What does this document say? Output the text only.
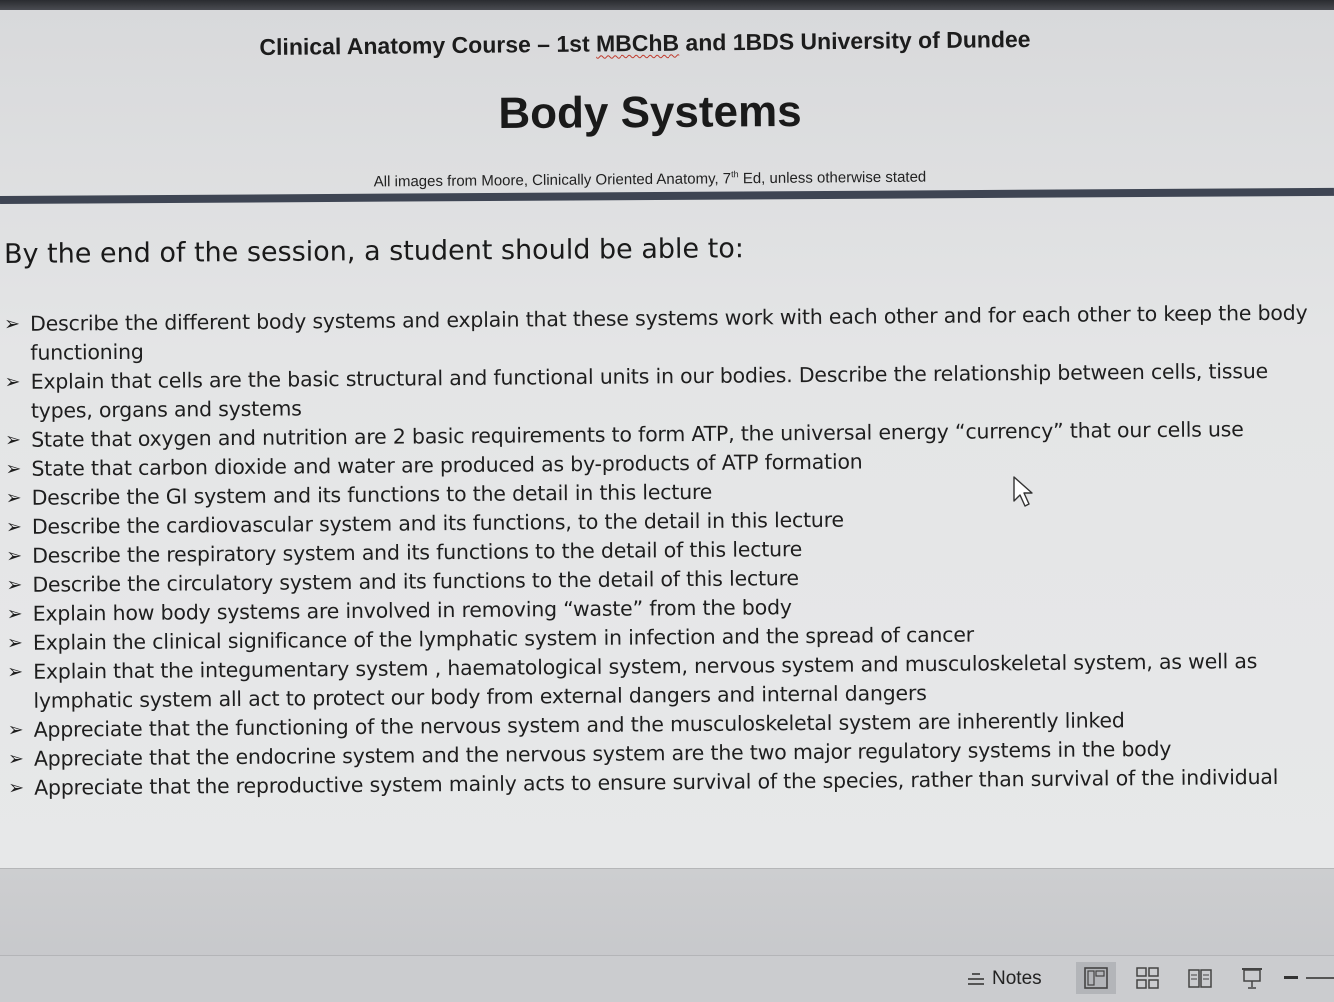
Clinical Anatomy Course – 1st MBChB and 1BDS University of Dundee
Body Systems
All images from Moore, Clinically Oriented Anatomy, 7th Ed, unless otherwise stated
By the end of the session, a student should be able to:
➢ Describe the different body systems and explain that these systems work with each other and for each other to keep the body functioning
➢ Explain that cells are the basic structural and functional units in our bodies. Describe the relationship between cells, tissue types, organs and systems
➢ State that oxygen and nutrition are 2 basic requirements to form ATP, the universal energy “currency” that our cells use
➢ State that carbon dioxide and water are produced as by-products of ATP formation
➢ Describe the GI system and its functions to the detail in this lecture
➢ Describe the cardiovascular system and its functions, to the detail in this lecture
➢ Describe the respiratory system and its functions to the detail of this lecture
➢ Describe the circulatory system and its functions to the detail of this lecture
➢ Explain how body systems are involved in removing “waste” from the body
➢ Explain the clinical significance of the lymphatic system in infection and the spread of cancer
➢ Explain that the integumentary system , haematological system, nervous system and musculoskeletal system, as well as lymphatic system all act to protect our body from external dangers and internal dangers
➢ Appreciate that the functioning of the nervous system and the musculoskeletal system are inherently linked
➢ Appreciate that the endocrine system and the nervous system are the two major regulatory systems in the body
➢ Appreciate that the reproductive system mainly acts to ensure survival of the species, rather than survival of the individual
Notes
